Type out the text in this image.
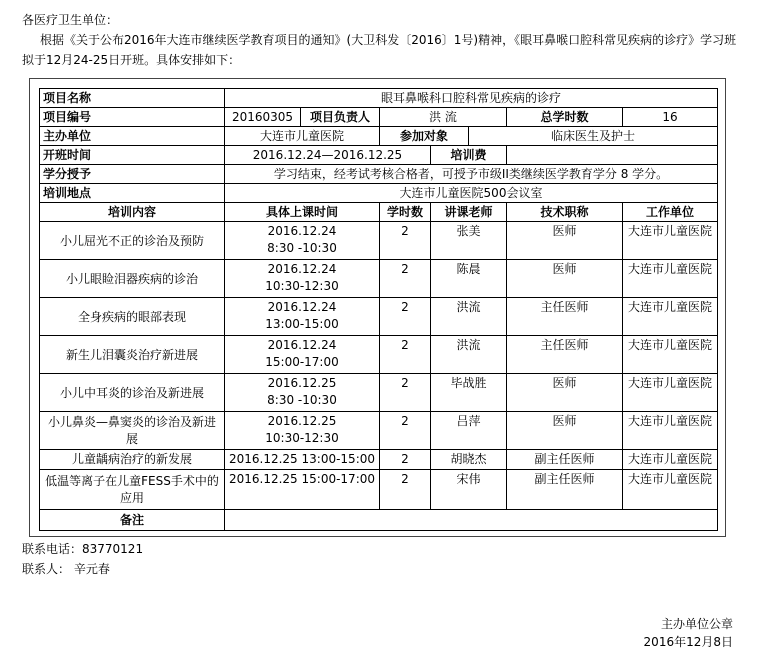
各医疗卫生单位：
根据《关于公布2016年大连市继续医学教育项目的通知》(大卫科发〔2016〕1号)精神，《眼耳鼻喉口腔科常见疾病的诊疗》学习班
拟于12月24-25日开班。具体安排如下：
项目名称	眼耳鼻喉科口腔科常见疾病的诊疗						
项目编号	20160305	项目负责人	洪 流			总学时数	16
主办单位	大连市儿童医院		参加对象		临床医生及护士		
开班时间	2016.12.24—2016.12.25			培训费			
学分授予	学习结束，经考试考核合格者，可授予市级II类继续医学教育学分 8 学分。						
培训地点	大连市儿童医院500会议室						
培训内容	具体上课时间		学时数	讲课老师		技术职称	工作单位
小儿屈光不正的诊治及预防	2016.12.24
8:30 -10:30		2	张美		医师	大连市儿童医院
小儿眼睑泪器疾病的诊治	2016.12.24
10:30-12:30		2	陈晨		医师	大连市儿童医院
全身疾病的眼部表现	2016.12.24
13:00-15:00		2	洪流		主任医师	大连市儿童医院
新生儿泪囊炎治疗新进展	2016.12.24
15:00-17:00		2	洪流		主任医师	大连市儿童医院
小儿中耳炎的诊治及新进展	2016.12.25
8:30 -10:30		2	毕战胜		医师	大连市儿童医院
小儿鼻炎—鼻窦炎的诊治及新进展	2016.12.25
10:30-12:30		2	吕萍		医师	大连市儿童医院
儿童龋病治疗的新发展	2016.12.25 13:00-15:00		2	胡晓杰		副主任医师	大连市儿童医院
低温等离子在儿童FESS手术中的应用	2016.12.25 15:00-17:00		2	宋伟		副主任医师	大连市儿童医院
备注							
联系电话：83770121
联系人： 辛元春
主办单位公章
2016年12月8日
